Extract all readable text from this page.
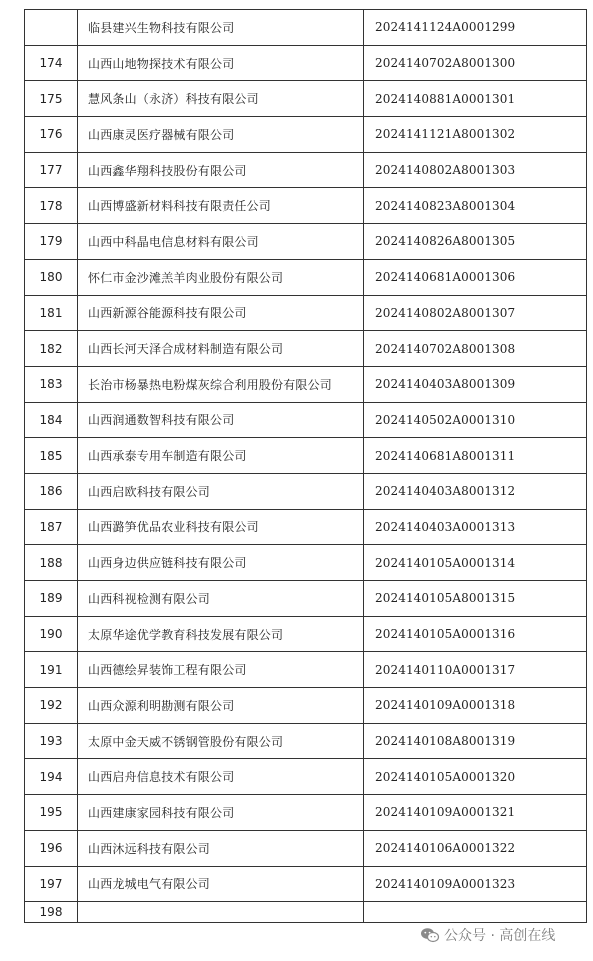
	临县建兴生物科技有限公司	2024141124A0001299
174	山西山地物探技术有限公司	2024140702A8001300
175	慧风条山（永济）科技有限公司	2024140881A0001301
176	山西康灵医疗器械有限公司	2024141121A8001302
177	山西鑫华翔科技股份有限公司	2024140802A8001303
178	山西博盛新材料科技有限责任公司	2024140823A8001304
179	山西中科晶电信息材料有限公司	2024140826A8001305
180	怀仁市金沙滩羔羊肉业股份有限公司	2024140681A0001306
181	山西新源谷能源科技有限公司	2024140802A8001307
182	山西长河天泽合成材料制造有限公司	2024140702A8001308
183	长治市杨暴热电粉煤灰综合利用股份有限公司	2024140403A8001309
184	山西润通数智科技有限公司	2024140502A0001310
185	山西承泰专用车制造有限公司	2024140681A8001311
186	山西启欧科技有限公司	2024140403A8001312
187	山西潞笋优品农业科技有限公司	2024140403A0001313
188	山西身边供应链科技有限公司	2024140105A0001314
189	山西科视检测有限公司	2024140105A8001315
190	太原华途优学教育科技发展有限公司	2024140105A0001316
191	山西德绘昇装饰工程有限公司	2024140110A0001317
192	山西众源利明勘测有限公司	2024140109A0001318
193	太原中金天威不锈钢管股份有限公司	2024140108A8001319
194	山西启舟信息技术有限公司	2024140105A0001320
195	山西建康家园科技有限公司	2024140109A0001321
196	山西沐远科技有限公司	2024140106A0001322
197	山西龙城电气有限公司	2024140109A0001323
198		
公众号 · 高创在线
